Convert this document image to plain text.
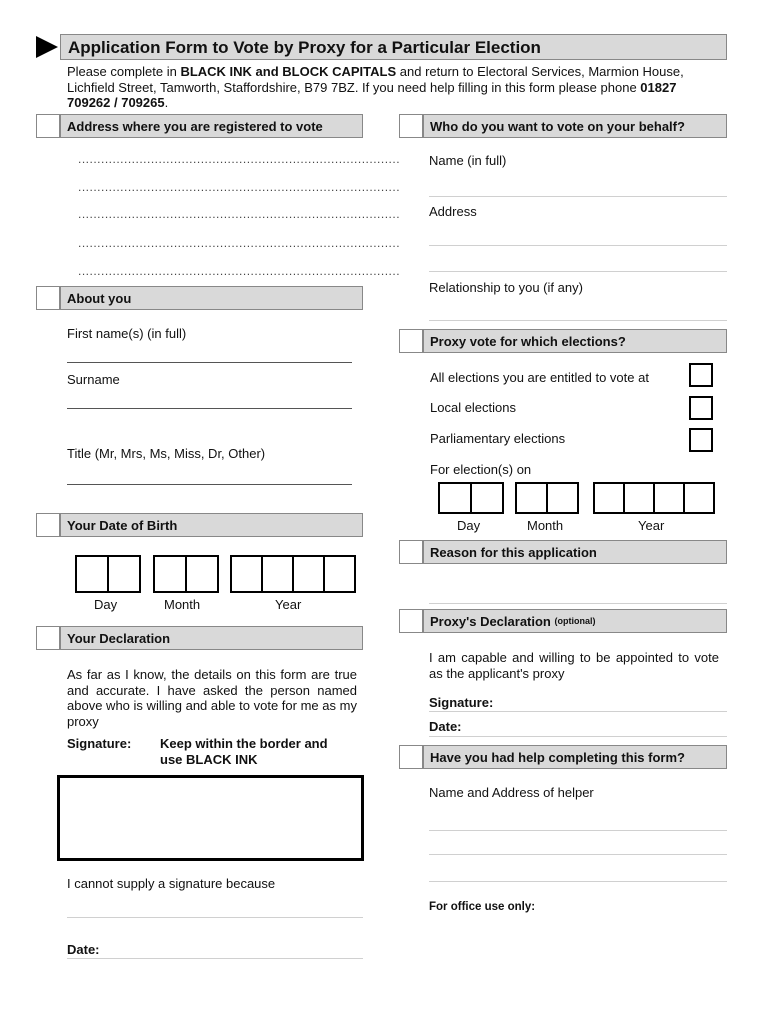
Application Form to Vote by Proxy for a Particular Election
Please complete in BLACK INK and BLOCK CAPITALS and return to Electoral Services, Marmion House, Lichfield Street, Tamworth, Staffordshire, B79 7BZ. If you need help filling in this form please phone 01827 709262 / 709265.
Address where you are registered to vote
....................................................................................
....................................................................................
....................................................................................
....................................................................................
....................................................................................
About you
First name(s) (in full)
Surname
Title (Mr, Mrs, Ms, Miss, Dr, Other)
Your Date of Birth
Day	Month	Year
Your Declaration
As far as I know, the details on this form are true and accurate. I have asked the person named above who is willing and able to vote for me as my proxy
Signature: Keep within the border and use BLACK INK
I cannot supply a signature because
Date:
Who do you want to vote on your behalf?
Name (in full)
Address
Relationship to you (if any)
Proxy vote for which elections?
All elections you are entitled to vote at
Local elections
Parliamentary elections
For election(s) on
Day	Month	Year
Reason for this application
Proxy's Declaration
(optional)
I am capable and willing to be appointed to vote as the applicant's proxy
Signature:
Date:
Have you had help completing this form?
Name and Address of helper
For office use only:
